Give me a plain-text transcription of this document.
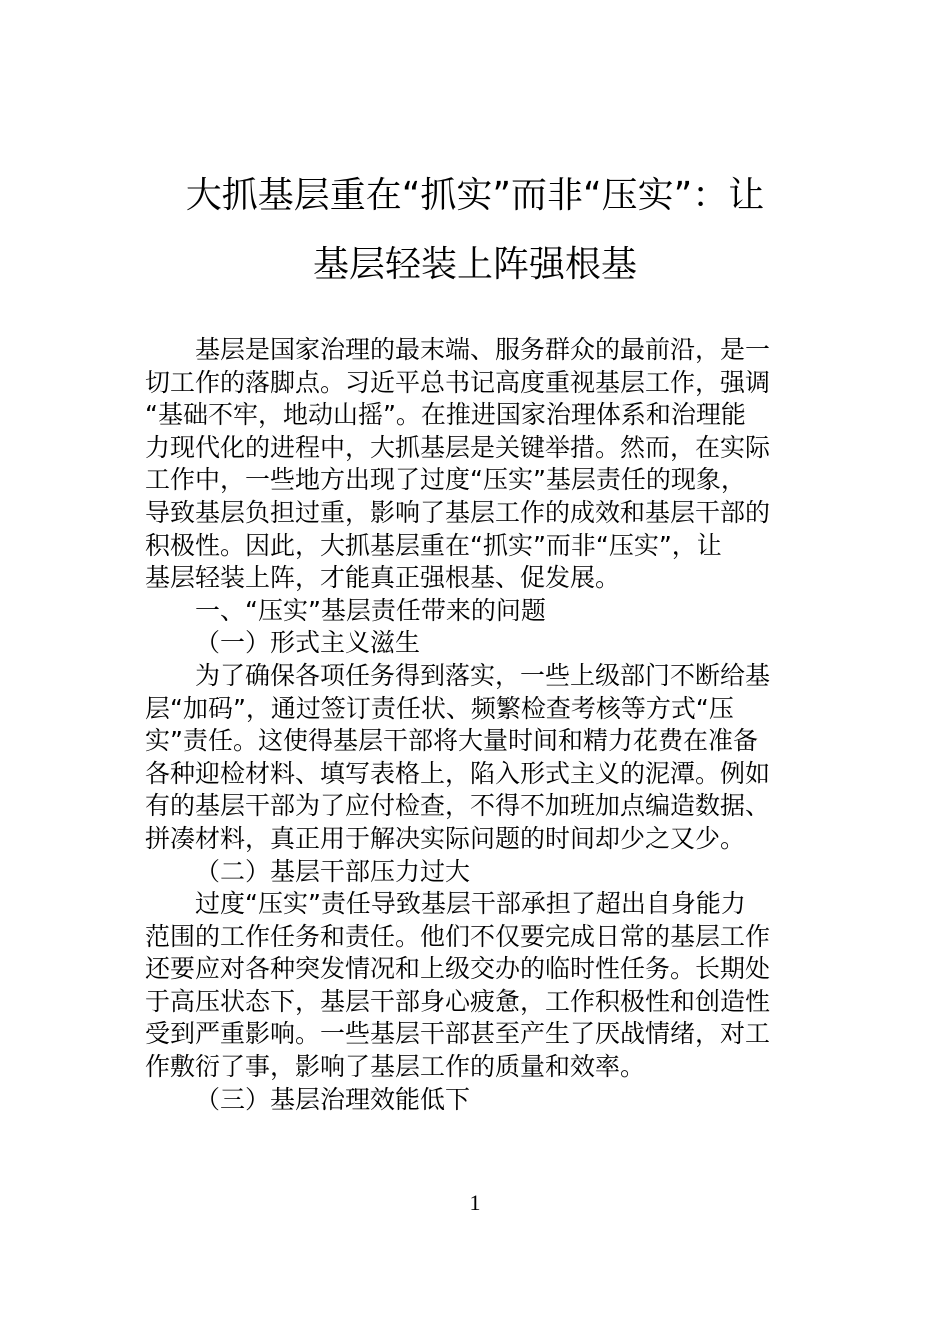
大抓基层重在“抓实”而非“压实”：让
基层轻装上阵强根基
基层是国家治理的最末端、服务群众的最前沿，是一
切工作的落脚点。习近平总书记高度重视基层工作，强调
“基础不牢，地动山摇”。在推进国家治理体系和治理能
力现代化的进程中，大抓基层是关键举措。然而，在实际
工作中，一些地方出现了过度“压实”基层责任的现象，
导致基层负担过重，影响了基层工作的成效和基层干部的
积极性。因此，大抓基层重在“抓实”而非“压实”，让
基层轻装上阵，才能真正强根基、促发展。
一、“压实”基层责任带来的问题
（一）形式主义滋生
为了确保各项任务得到落实，一些上级部门不断给基
层“加码”，通过签订责任状、频繁检查考核等方式“压
实”责任。这使得基层干部将大量时间和精力花费在准备
各种迎检材料、填写表格上，陷入形式主义的泥潭。例如
有的基层干部为了应付检查，不得不加班加点编造数据、
拼凑材料，真正用于解决实际问题的时间却少之又少。
（二）基层干部压力过大
过度“压实”责任导致基层干部承担了超出自身能力
范围的工作任务和责任。他们不仅要完成日常的基层工作
还要应对各种突发情况和上级交办的临时性任务。长期处
于高压状态下，基层干部身心疲惫，工作积极性和创造性
受到严重影响。一些基层干部甚至产生了厌战情绪，对工
作敷衍了事，影响了基层工作的质量和效率。
（三）基层治理效能低下
1
